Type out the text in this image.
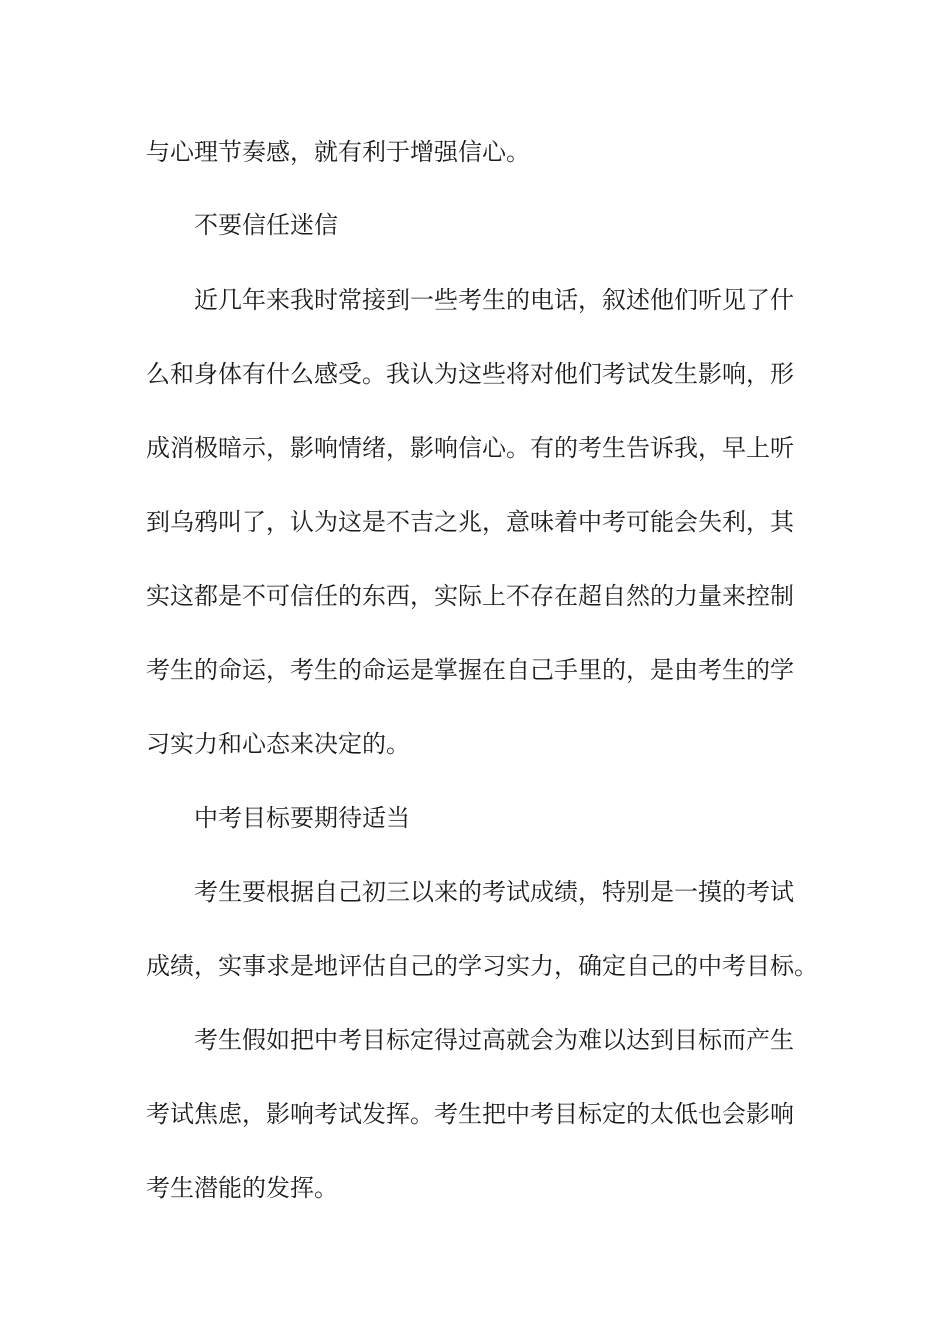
与心理节奏感，就有利于增强信心。
不要信任迷信
近几年来我时常接到一些考生的电话，叙述他们听见了什
么和身体有什么感受。我认为这些将对他们考试发生影响，形
成消极暗示，影响情绪，影响信心。有的考生告诉我，早上听
到乌鸦叫了，认为这是不吉之兆，意味着中考可能会失利，其
实这都是不可信任的东西，实际上不存在超自然的力量来控制
考生的命运，考生的命运是掌握在自己手里的，是由考生的学
习实力和心态来决定的。
中考目标要期待适当
考生要根据自己初三以来的考试成绩，特别是一摸的考试
成绩，实事求是地评估自己的学习实力，确定自己的中考目标。
考生假如把中考目标定得过高就会为难以达到目标而产生
考试焦虑，影响考试发挥。考生把中考目标定的太低也会影响
考生潜能的发挥。
